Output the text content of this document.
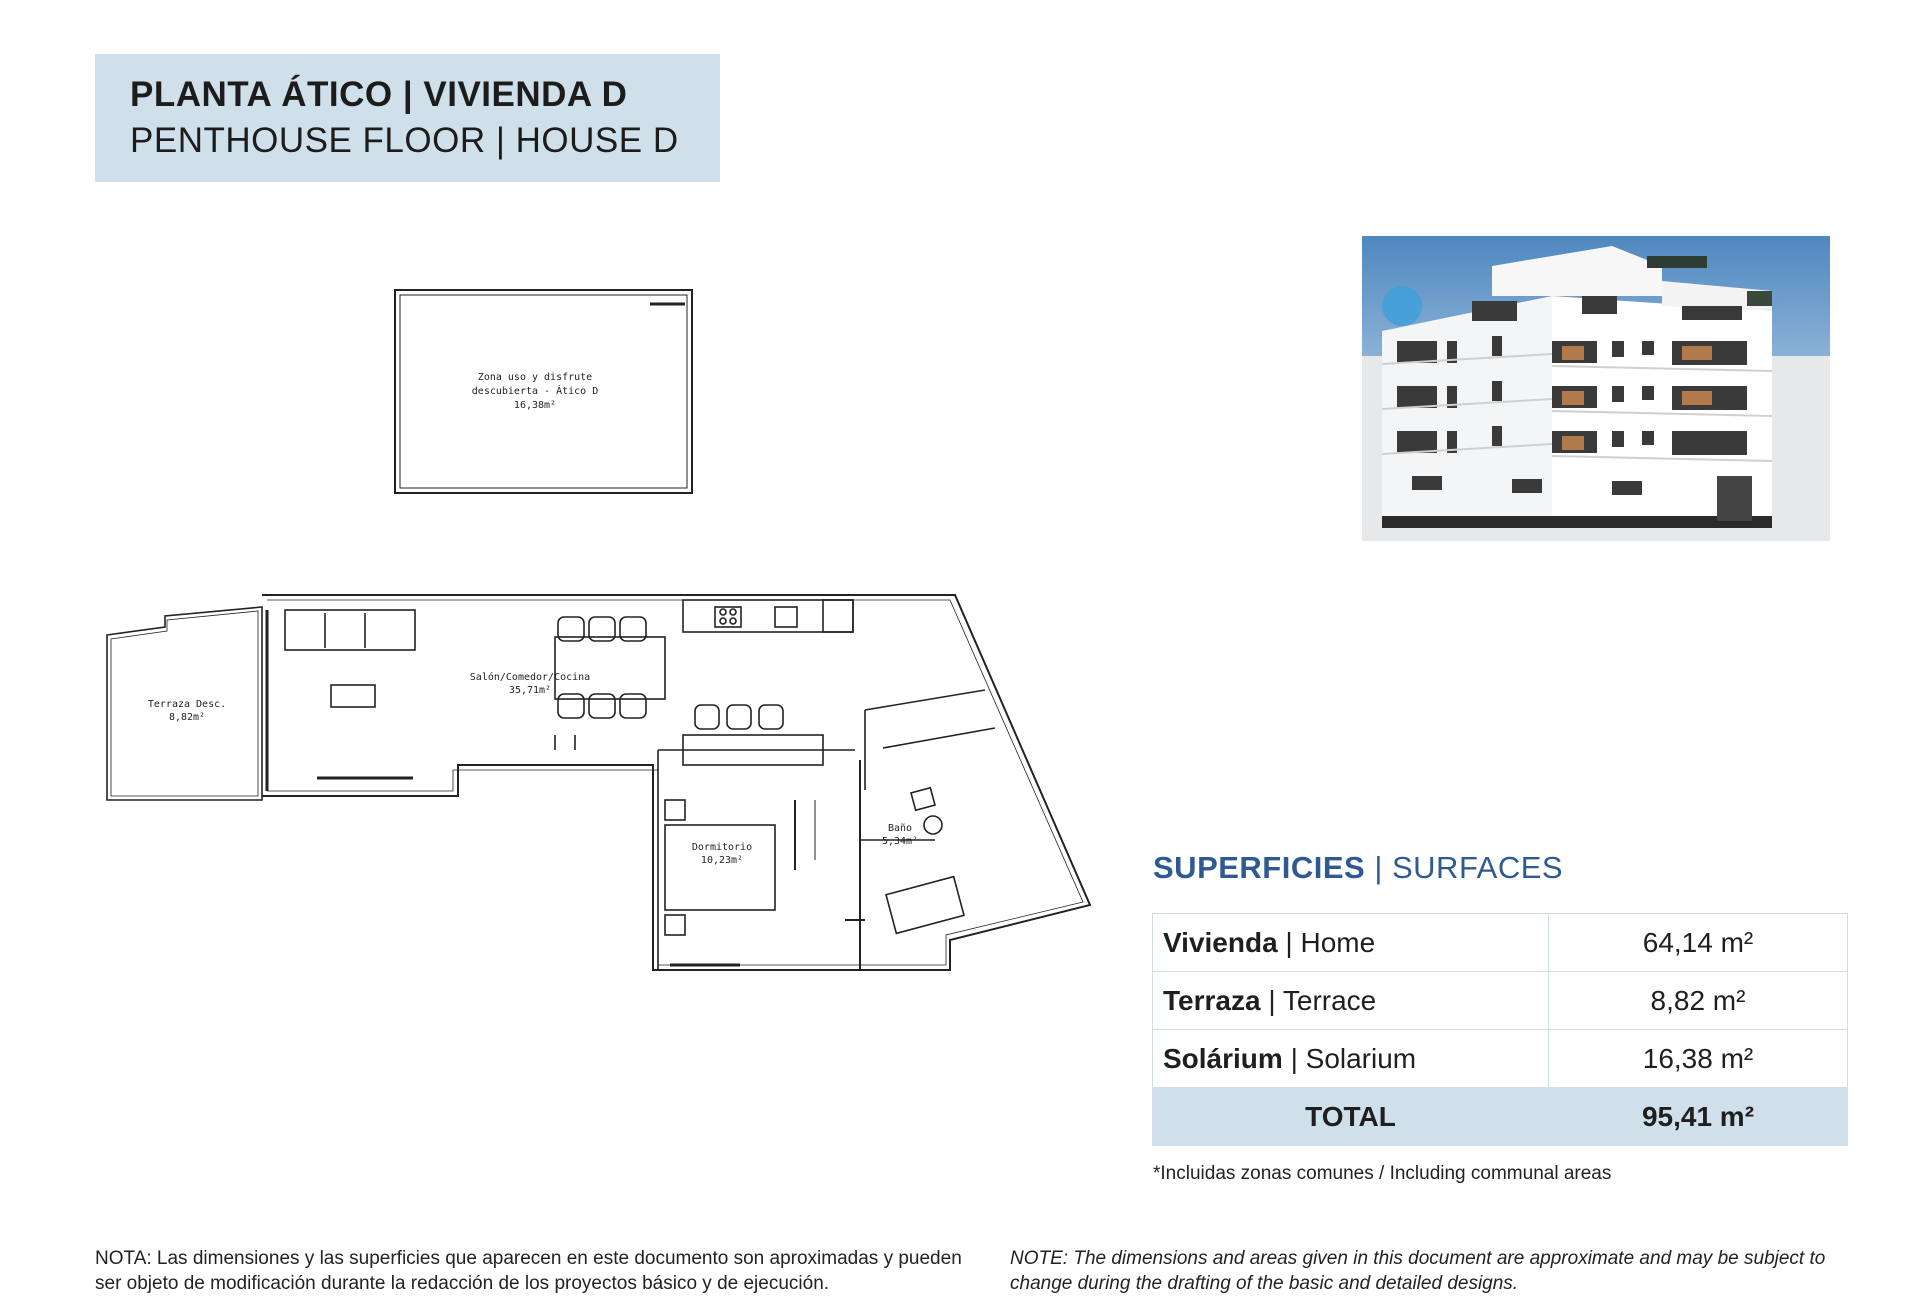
PLANTA ÁTICO | VIVIENDA D
PENTHOUSE FLOOR | HOUSE D
Zona uso y disfrute
descubierta - Ático D
16,38m²
Terraza Desc.
8,82m²
Salón/Comedor/Cocina
35,71m²
Dormitorio
10,23m²
Baño
5,34m²
SUPERFICIES | SURFACES
Vivienda | Home	64,14 m²
Terraza | Terrace	8,82 m²
Solárium | Solarium	16,38 m²
TOTAL	95,41 m²
*Incluidas zonas comunes / Including communal areas
NOTA: Las dimensiones y las superficies que aparecen en este documento son aproximadas y pueden ser objeto de modificación durante la redacción de los proyectos básico y de ejecución.
NOTE: The dimensions and areas given in this document are approximate and may be subject to change during the drafting of the basic and detailed designs.
